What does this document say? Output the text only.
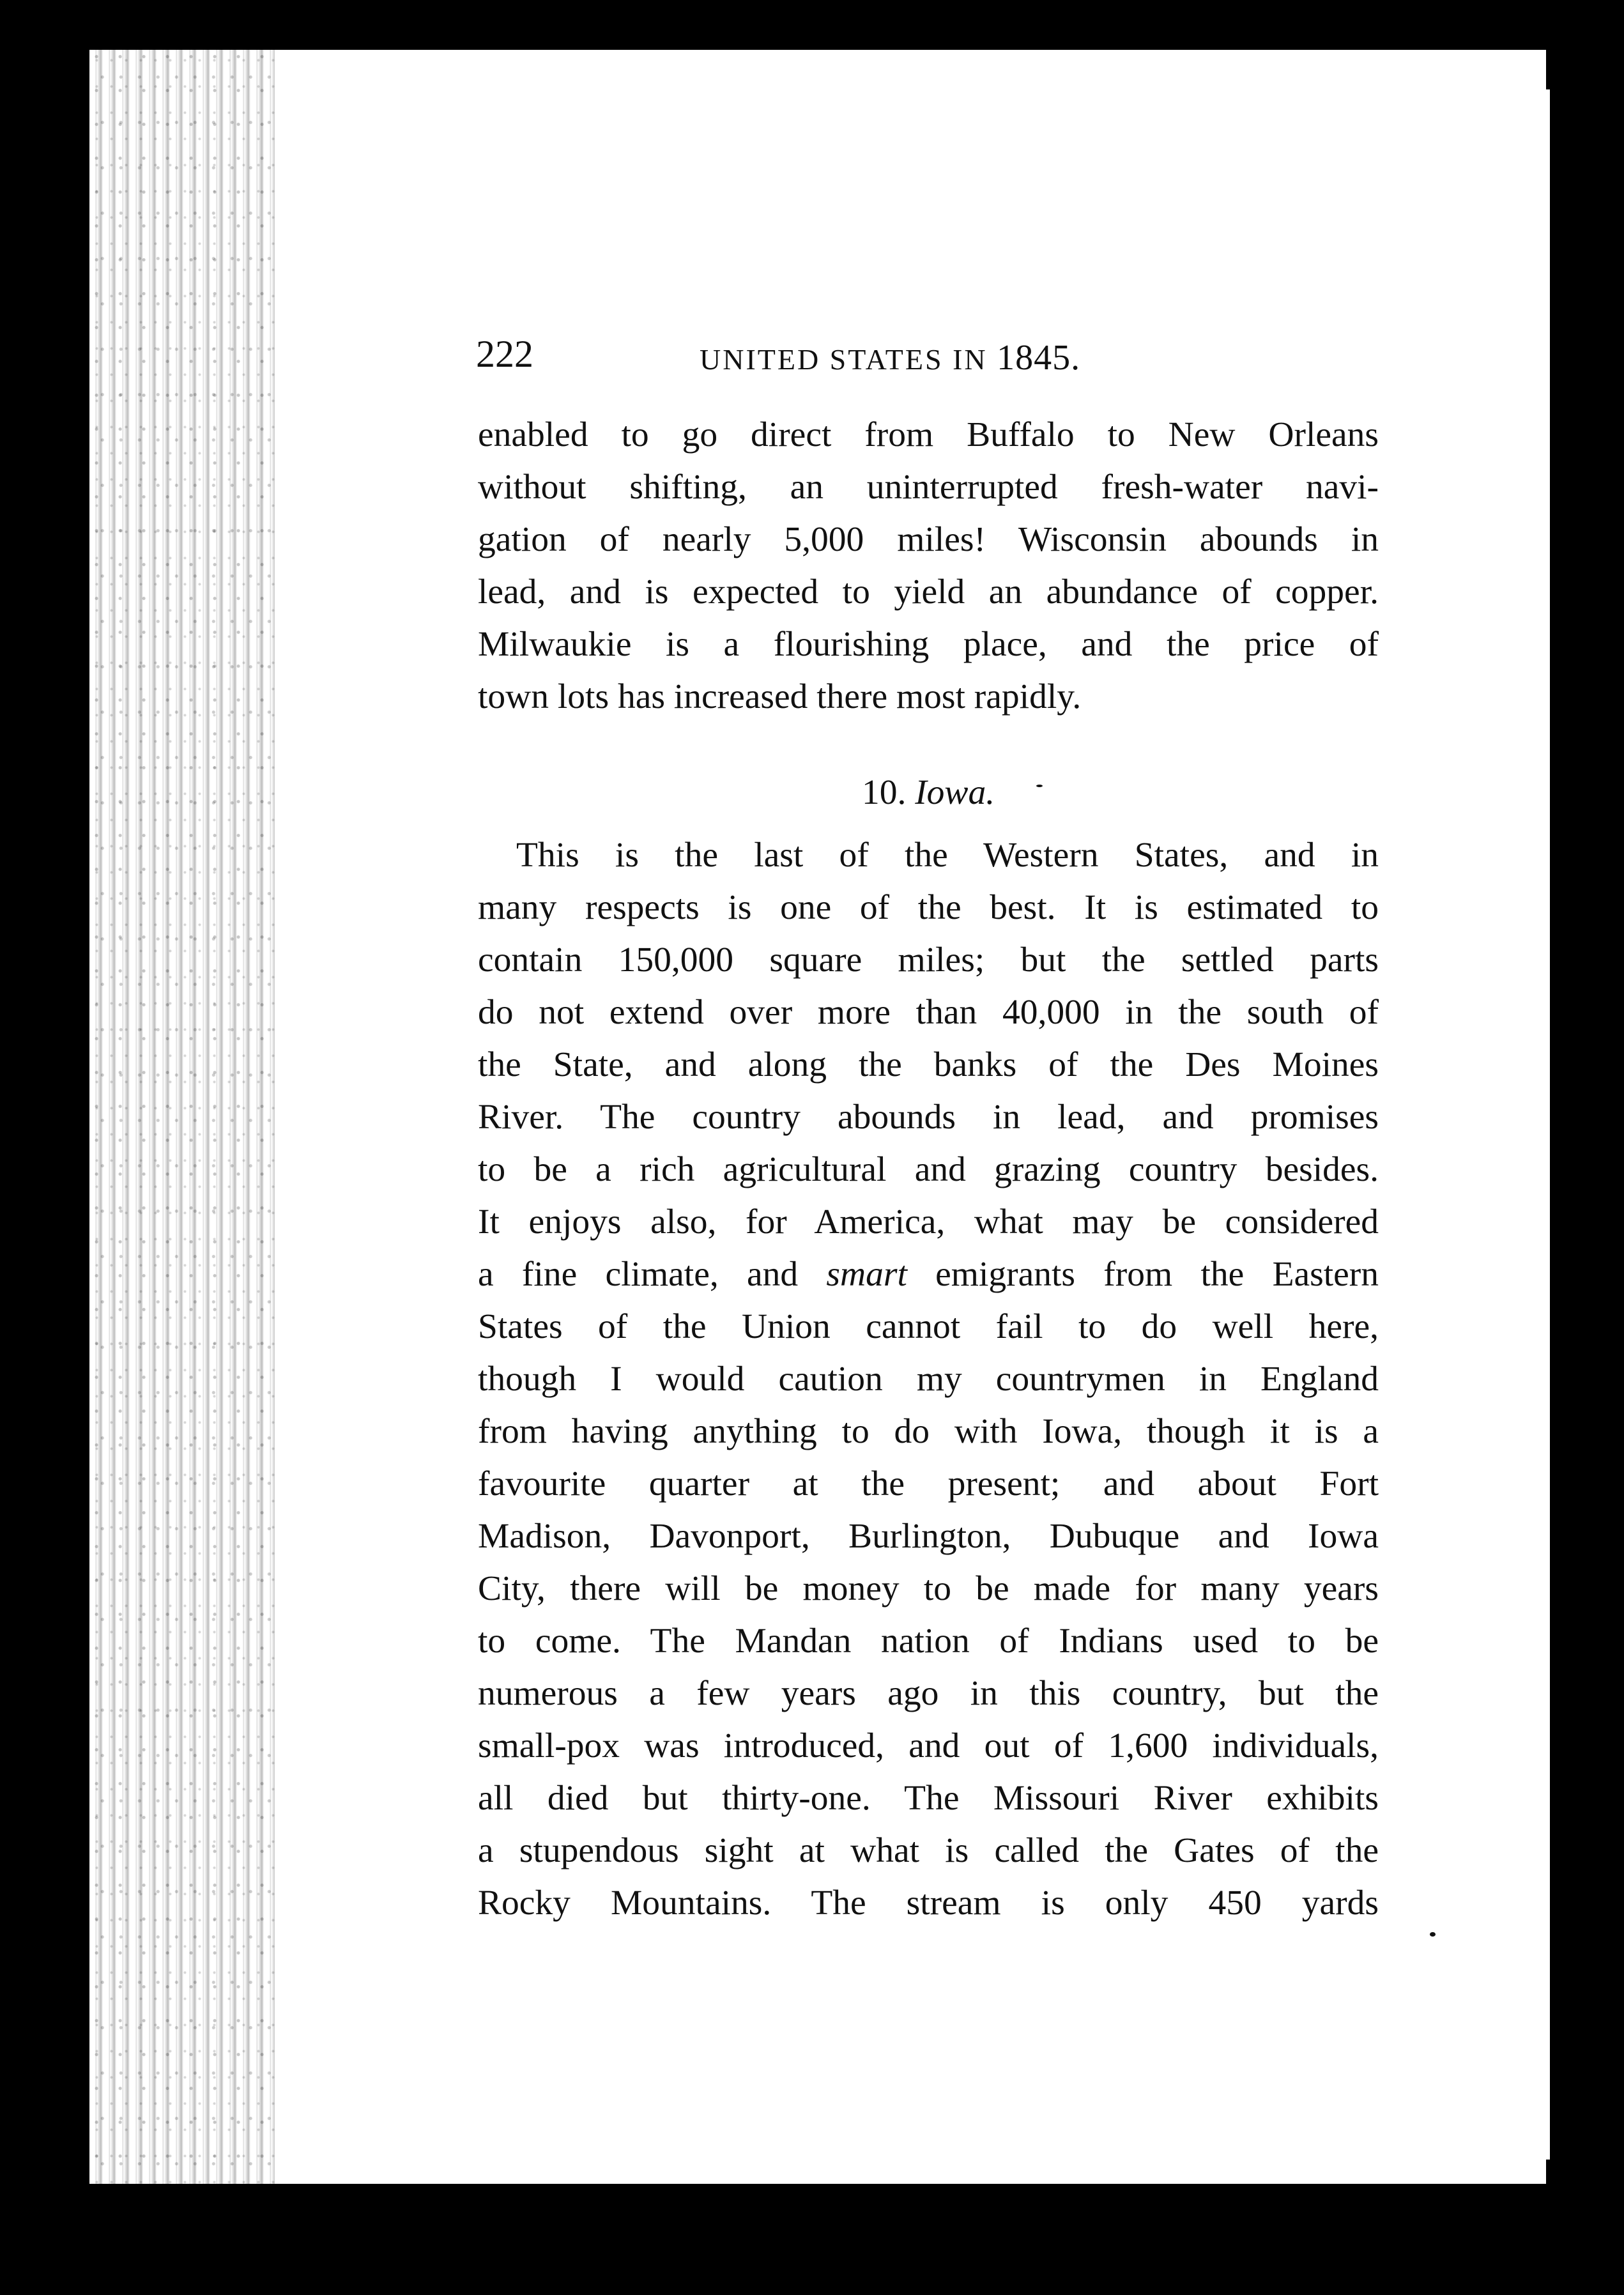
222	UNITED STATES IN 1845.
enabled to go direct from Buffalo to New Orleans
without shifting, an uninterrupted fresh-water navi-
gation of nearly 5,000 miles! Wisconsin abounds in
lead, and is expected to yield an abundance of copper.
Milwaukie is a flourishing place, and the price of
town lots has increased there most rapidly.
10. Iowa.
This is the last of the Western States, and in
many respects is one of the best. It is estimated to
contain 150,000 square miles; but the settled parts
do not extend over more than 40,000 in the south of
the State, and along the banks of the Des Moines
River. The country abounds in lead, and promises
to be a rich agricultural and grazing country besides.
It enjoys also, for America, what may be considered
a fine climate, and smart emigrants from the Eastern
States of the Union cannot fail to do well here,
though I would caution my countrymen in England
from having anything to do with Iowa, though it is a
favourite quarter at the present; and about Fort
Madison, Davonport, Burlington, Dubuque and Iowa
City, there will be money to be made for many years
to come. The Mandan nation of Indians used to be
numerous a few years ago in this country, but the
small-pox was introduced, and out of 1,600 individuals,
all died but thirty-one. The Missouri River exhibits
a stupendous sight at what is called the Gates of the
Rocky Mountains. The stream is only 450 yards
